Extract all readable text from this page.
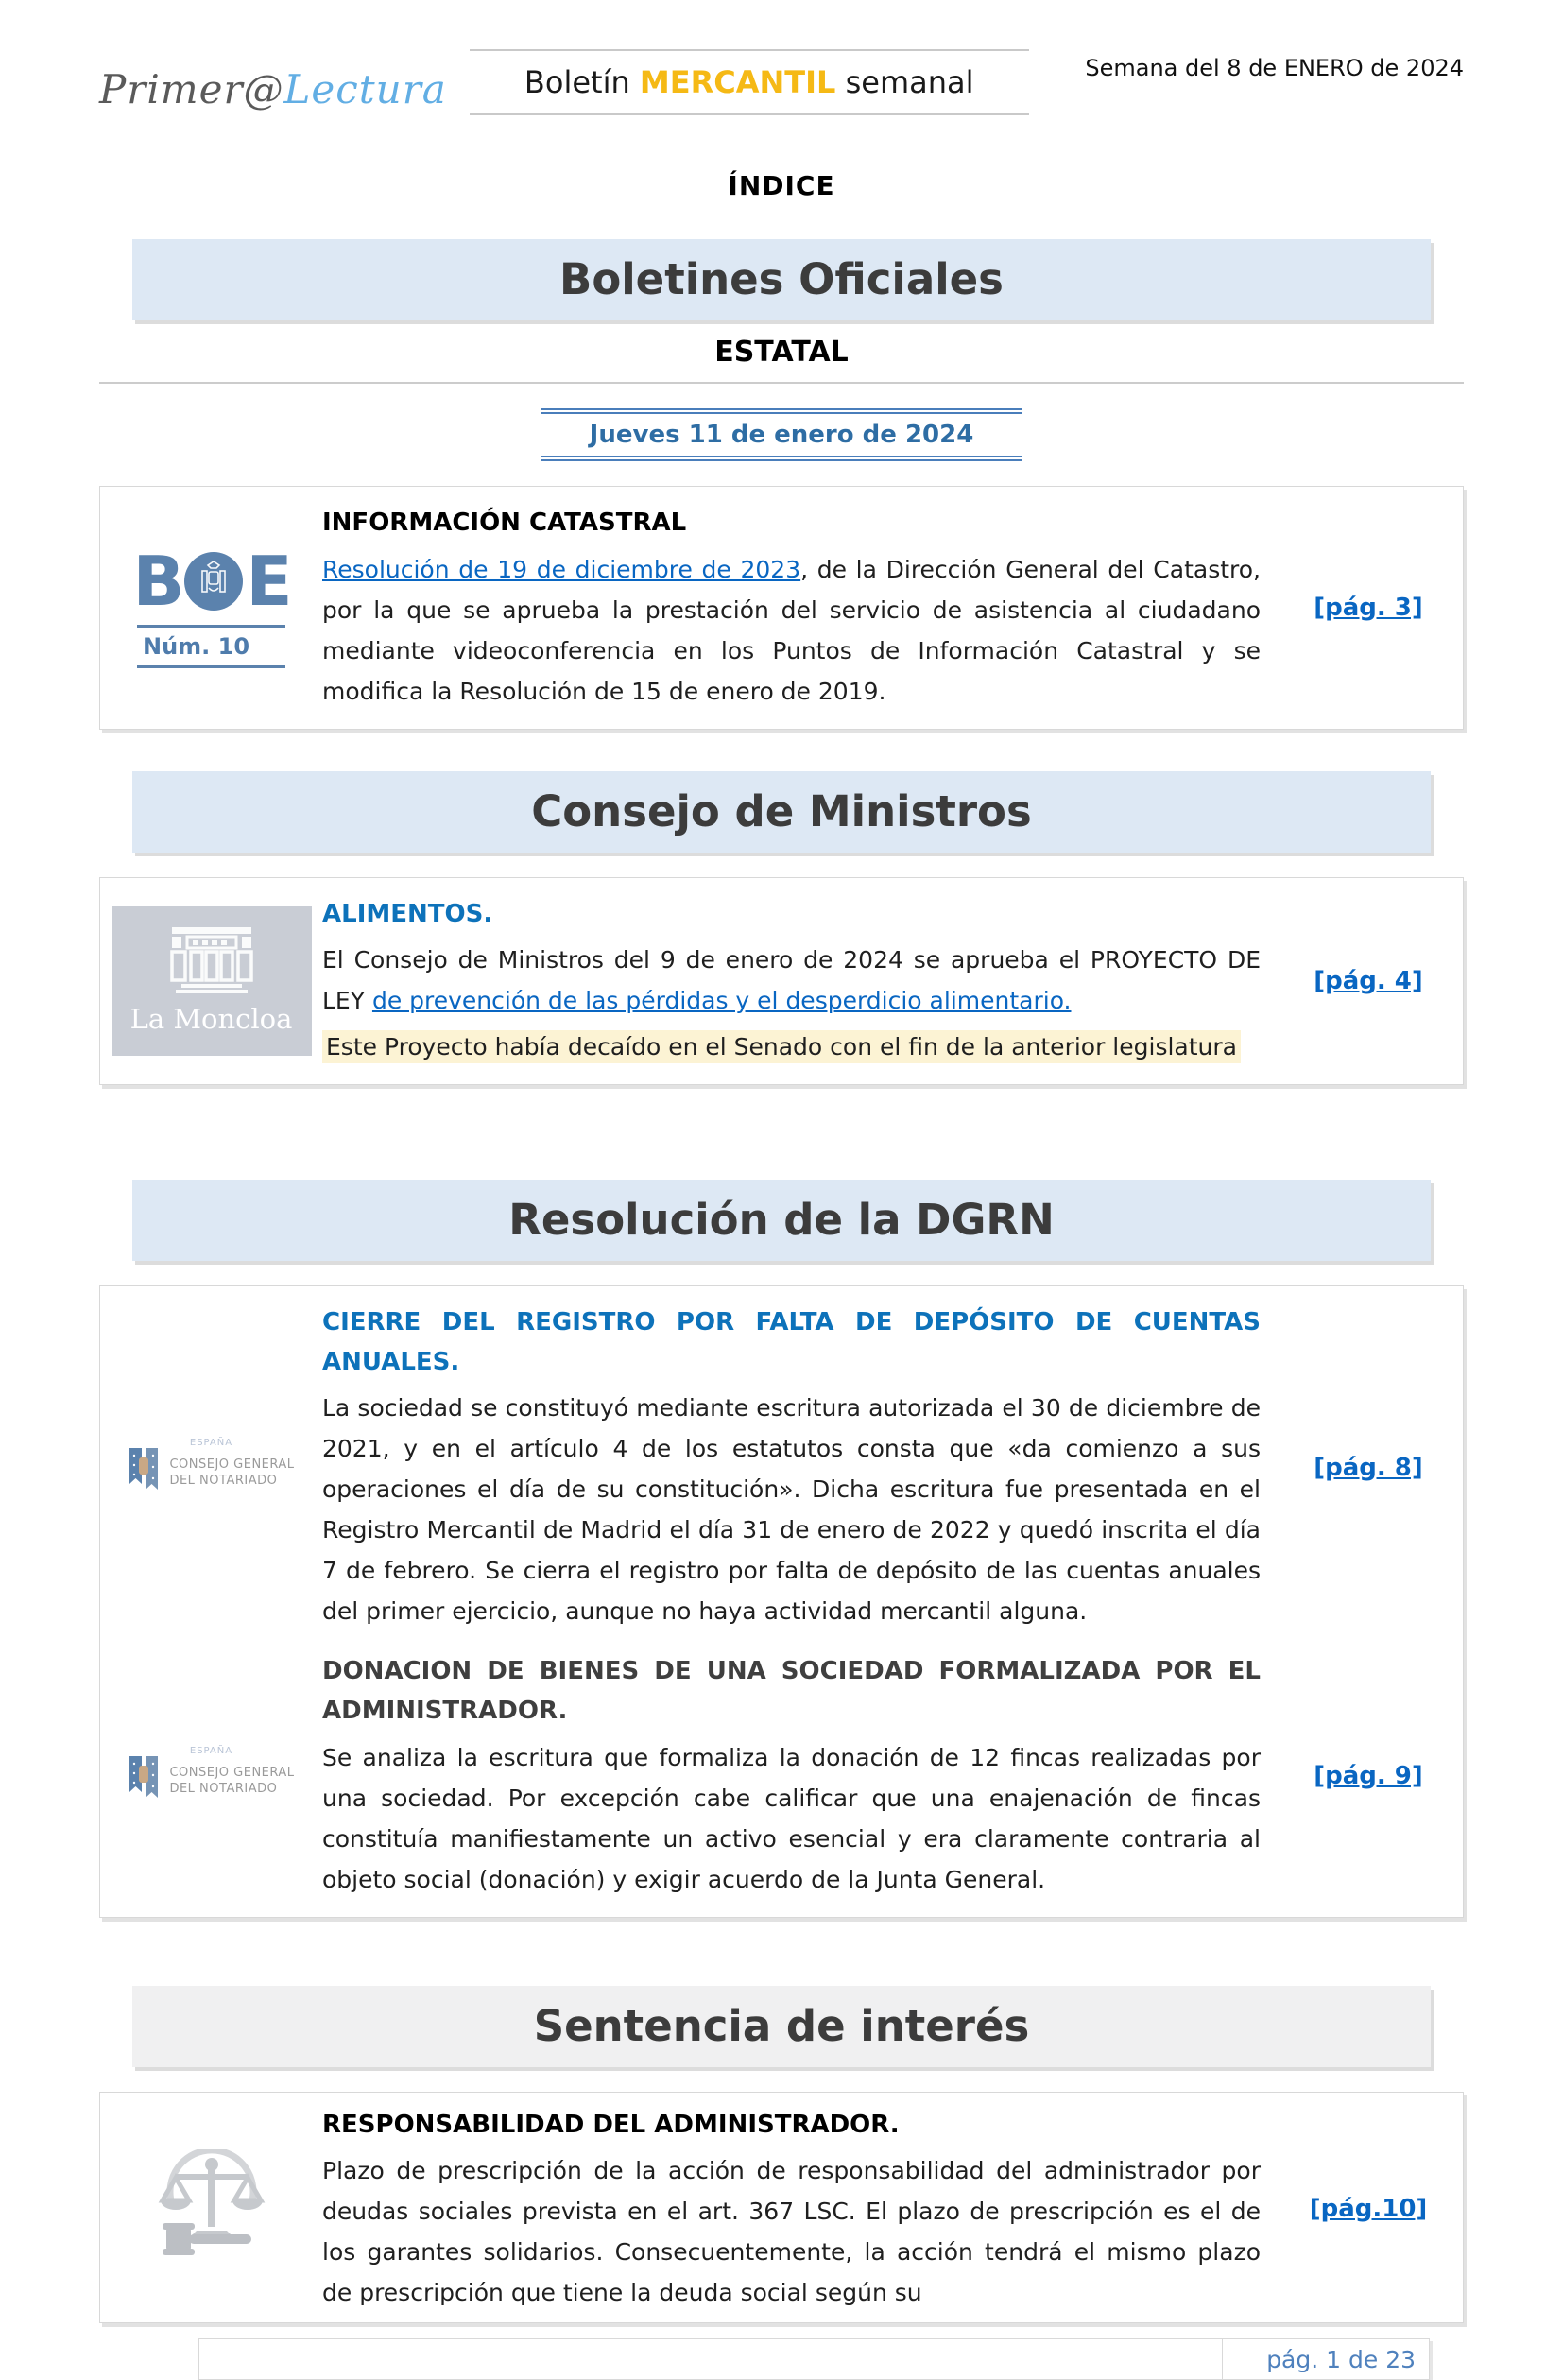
Primer@Lectura	Boletín MERCANTIL semanal	Semana del 8 de ENERO de 2024
ÍNDICE
Boletines Oficiales
ESTATAL
Jueves 11 de enero de 2024
B E
Núm. 10
INFORMACIÓN CATASTRAL
Resolución de 19 de diciembre de 2023, de la Dirección General del Catastro, por la que se aprueba la prestación del servicio de asistencia al ciudadano mediante videoconferencia en los Puntos de Información Catastral y se modifica la Resolución de 15 de enero de 2019.
[pág. 3]
Consejo de Ministros
La Moncloa
ALIMENTOS.
El Consejo de Ministros del 9 de enero de 2024 se aprueba el PROYECTO DE LEY de prevención de las pérdidas y el desperdicio alimentario.
Este Proyecto había decaído en el Senado con el fin de la anterior legislatura
[pág. 4]
Resolución de la DGRN
ESPAÑA
CONSEJO GENERAL
DEL NOTARIADO
CIERRE DEL REGISTRO POR FALTA DE DEPÓSITO DE CUENTAS ANUALES.
La sociedad se constituyó mediante escritura autorizada el 30 de diciembre de 2021, y en el artículo 4 de los estatutos consta que «da comienzo a sus operaciones el día de su constitución». Dicha escritura fue presentada en el Registro Mercantil de Madrid el día 31 de enero de 2022 y quedó inscrita el día 7 de febrero. Se cierra el registro por falta de depósito de las cuentas anuales del primer ejercicio, aunque no haya actividad mercantil alguna.
[pág. 8]
ESPAÑA
CONSEJO GENERAL
DEL NOTARIADO
DONACION DE BIENES DE UNA SOCIEDAD FORMALIZADA POR EL ADMINISTRADOR.
Se analiza la escritura que formaliza la donación de 12 fincas realizadas por una sociedad. Por excepción cabe calificar que una enajenación de fincas constituía manifiestamente un activo esencial y era claramente contraria al objeto social (donación) y exigir acuerdo de la Junta General.
[pág. 9]
Sentencia de interés
RESPONSABILIDAD DEL ADMINISTRADOR.
Plazo de prescripción de la acción de responsabilidad del administrador por deudas sociales prevista en el art. 367 LSC. El plazo de prescripción es el de los garantes solidarios. Consecuentemente, la acción tendrá el mismo plazo de prescripción que tiene la deuda social según su
[pág.10]
pág. 1 de 23
